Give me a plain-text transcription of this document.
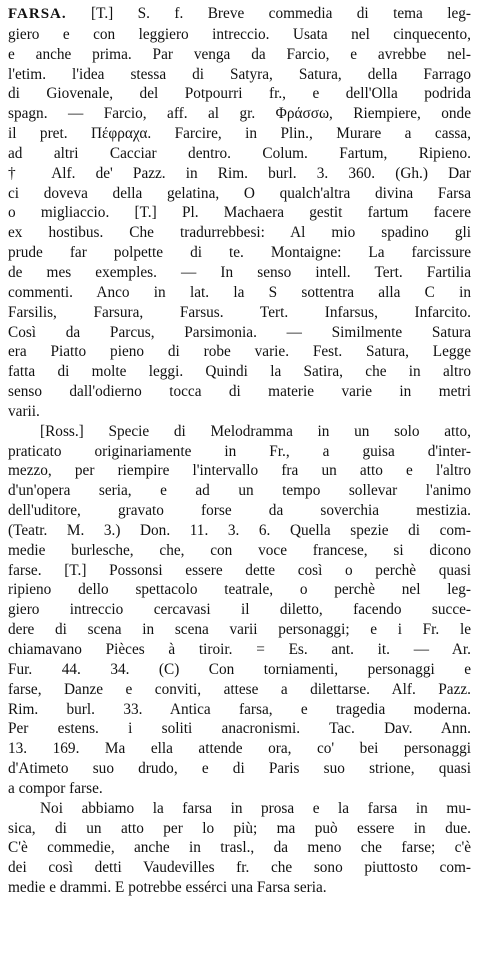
FARSA. [T.] S. f. Breve commedia di tema leg-
giero e con leggiero intreccio. Usata nel cinquecento,
e anche prima. Par venga da Farcio, e avrebbe nel-
l'etim. l'idea stessa di Satyra, Satura, della Farrago
di Giovenale, del Potpourri fr., e dell'Olla podrida
spagn. — Farcio, aff. al gr. Φράσσω, Riempiere, onde
il pret. Πέφραχα. Farcire, in Plin., Murare a cassa,
ad altri Cacciar dentro. Colum. Fartum, Ripieno.
† Alf. de' Pazz. in Rim. burl. 3. 360. (Gh.) Dar
ci doveva della gelatina, O qualch'altra divina Farsa
o migliaccio. [T.] Pl. Machaera gestit fartum facere
ex hostibus. Che tradurrebbesi: Al mio spadino gli
prude far polpette di te. Montaigne: La farcissure
de mes exemples. — In senso intell. Tert. Fartilia
commenti. Anco in lat. la S sottentra alla C in
Farsilis, Farsura, Farsus. Tert. Infarsus, Infarcito.
Così da Parcus, Parsimonia. — Similmente Satura
era Piatto pieno di robe varie. Fest. Satura, Legge
fatta di molte leggi. Quindi la Satira, che in altro
senso dall'odierno tocca di materie varie in metri
varii.
[Ross.] Specie di Melodramma in un solo atto,
praticato originariamente in Fr., a guisa d'inter-
mezzo, per riempire l'intervallo fra un atto e l'altro
d'un'opera seria, e ad un tempo sollevar l'animo
dell'uditore, gravato forse da soverchia mestizia.
(Teatr. M. 3.) Don. 11. 3. 6. Quella spezie di com-
medie burlesche, che, con voce francese, si dicono
farse. [T.] Possonsi essere dette così o perchè quasi
ripieno dello spettacolo teatrale, o perchè nel leg-
giero intreccio cercavasi il diletto, facendo succe-
dere di scena in scena varii personaggi; e i Fr. le
chiamavano Pièces à tiroir. = Es. ant. it. — Ar.
Fur. 44. 34. (C) Con torniamenti, personaggi e
farse, Danze e conviti, attese a dilettarse. Alf. Pazz.
Rim. burl. 33. Antica farsa, e tragedia moderna.
Per estens. i soliti anacronismi. Tac. Dav. Ann.
13. 169. Ma ella attende ora, co' bei personaggi
d'Atimeto suo drudo, e di Paris suo strione, quasi
a compor farse.
Noi abbiamo la farsa in prosa e la farsa in mu-
sica, di un atto per lo più; ma può essere in due.
C'è commedie, anche in trasl., da meno che farse; c'è
dei così detti Vaudevilles fr. che sono piuttosto com-
medie e drammi. E potrebbe essérci una Farsa seria.
